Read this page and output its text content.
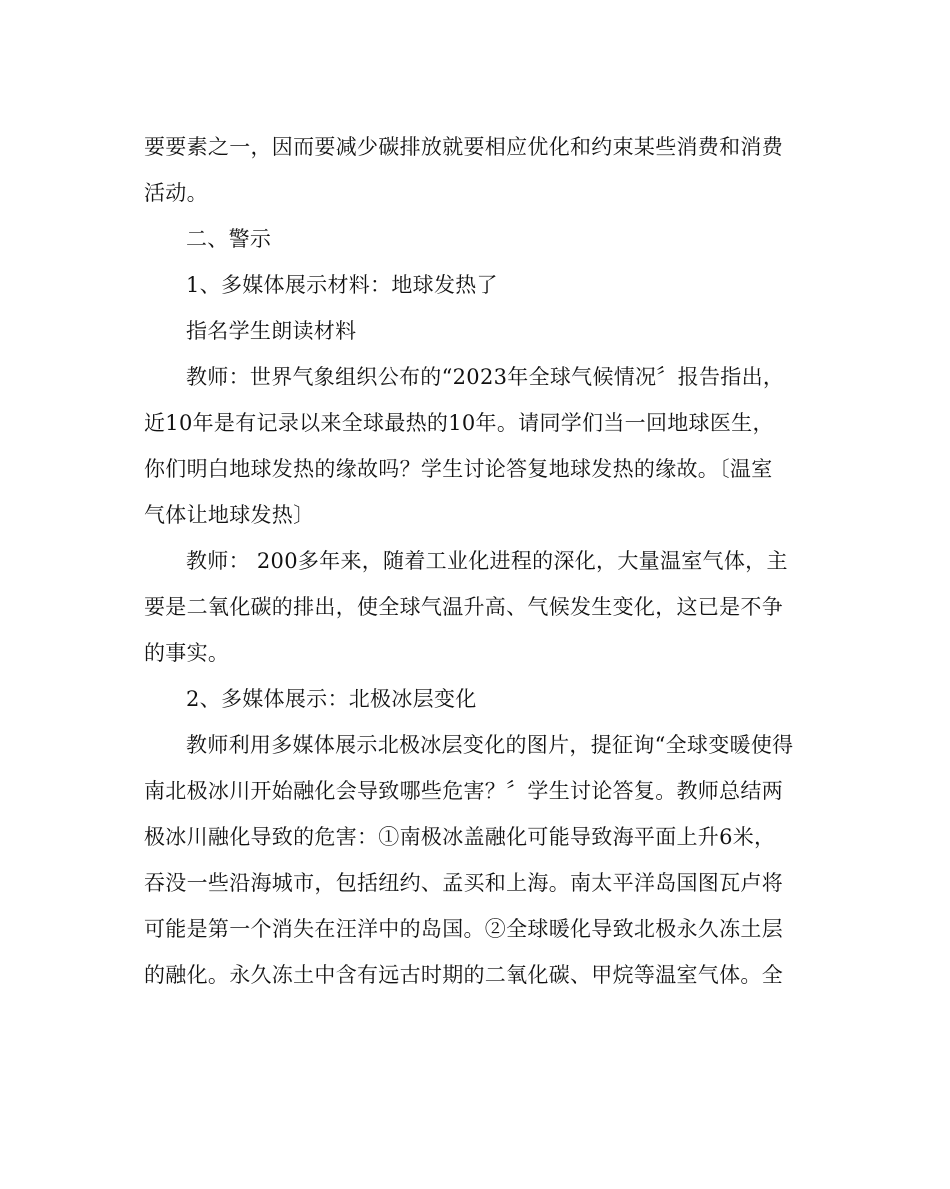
要要素之一，因而要减少碳排放就要相应优化和约束某些消费和消费
活动。
二、警示
1、多媒体展示材料：地球发热了
指名学生朗读材料
教师：世界气象组织公布的“2023年全球气候情况〞报告指出，
近10年是有记录以来全球最热的10年。请同学们当一回地球医生，
你们明白地球发热的缘故吗？学生讨论答复地球发热的缘故。〔温室
气体让地球发热〕
教师： 200多年来，随着工业化进程的深化，大量温室气体，主
要是二氧化碳的排出，使全球气温升高、气候发生变化，这已是不争
的事实。
2、多媒体展示：北极冰层变化
教师利用多媒体展示北极冰层变化的图片，提征询“全球变暖使得
南北极冰川开始融化会导致哪些危害？〞学生讨论答复。教师总结两
极冰川融化导致的危害：①南极冰盖融化可能导致海平面上升6米，
吞没一些沿海城市，包括纽约、孟买和上海。南太平洋岛国图瓦卢将
可能是第一个消失在汪洋中的岛国。②全球暖化导致北极永久冻土层
的融化。永久冻土中含有远古时期的二氧化碳、甲烷等温室气体。全
